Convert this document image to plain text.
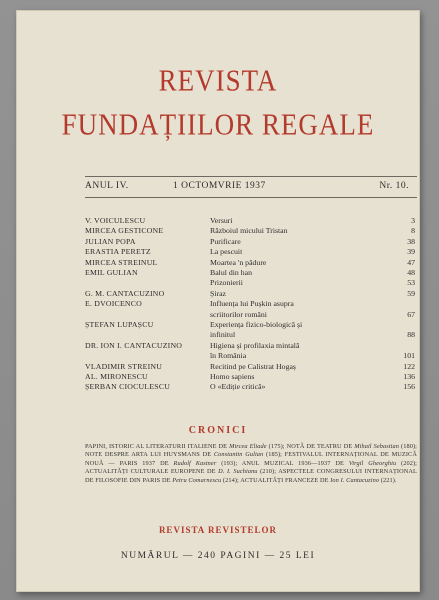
REVISTA
FUNDAȚIILOR REGALE
ANUL IV.	1 OCTOMVRIE 1937	Nr. 10.
V. VOICULESCU	Versuri	3
MIRCEA GESTICONE	Războiul micului Tristan	8
JULIAN POPA	Purificare	38
ERASTIA PERETZ	La pescuit	39
MIRCEA STREINUL	Moartea 'n pădure	47
EMIL GULIAN	Balul din han	48
Prizonierii	53
G. M. CANTACUZINO	Șiraz	59
E. DVOICENCO	Influența lui Pușkin asupra
scriitorilor români	67
ȘTEFAN LUPAȘCU	Experiența fizico-biologică și
infinitul	88
DR. ION I. CANTACUZINO	Higiena și profilaxia mintală
în România	101
VLADIMIR STREINU	Recitind pe Calistrat Hogaș	122
AL. MIRONESCU	Homo sapiens	136
ȘERBAN CIOCULESCU	O «Ediție critică»	156
CRONICI
PAPINI, ISTORIC AL LITERATURII ITALIENE DE Mircea Eliade (175); NOTĂ DE TEATRU DE Mihail Sebastian (180); NOTE DESPRE ARTA LUI HUYSMANS DE Constantin Gulian (185); FESTIVALUL INTERNAȚIONAL DE MUZICĂ NOUĂ — PARIS 1937 DE Rudolf Kastner (193); ANUL MUZICAL 1936—1937 DE Virgil Gheorghiu (202); ACTUALITĂȚI CULTURALE EUROPENE DE D. I. Suchianu (210); ASPECTELE CONGRESULUI INTERNAȚIONAL DE FILOSOFIE DIN PARIS DE Petru Comarnescu (214); ACTUALITĂȚI FRANCEZE DE Ion I. Cantacuzino (221).
REVISTA REVISTELOR
NUMĂRUL — 240 PAGINI — 25 LEI
